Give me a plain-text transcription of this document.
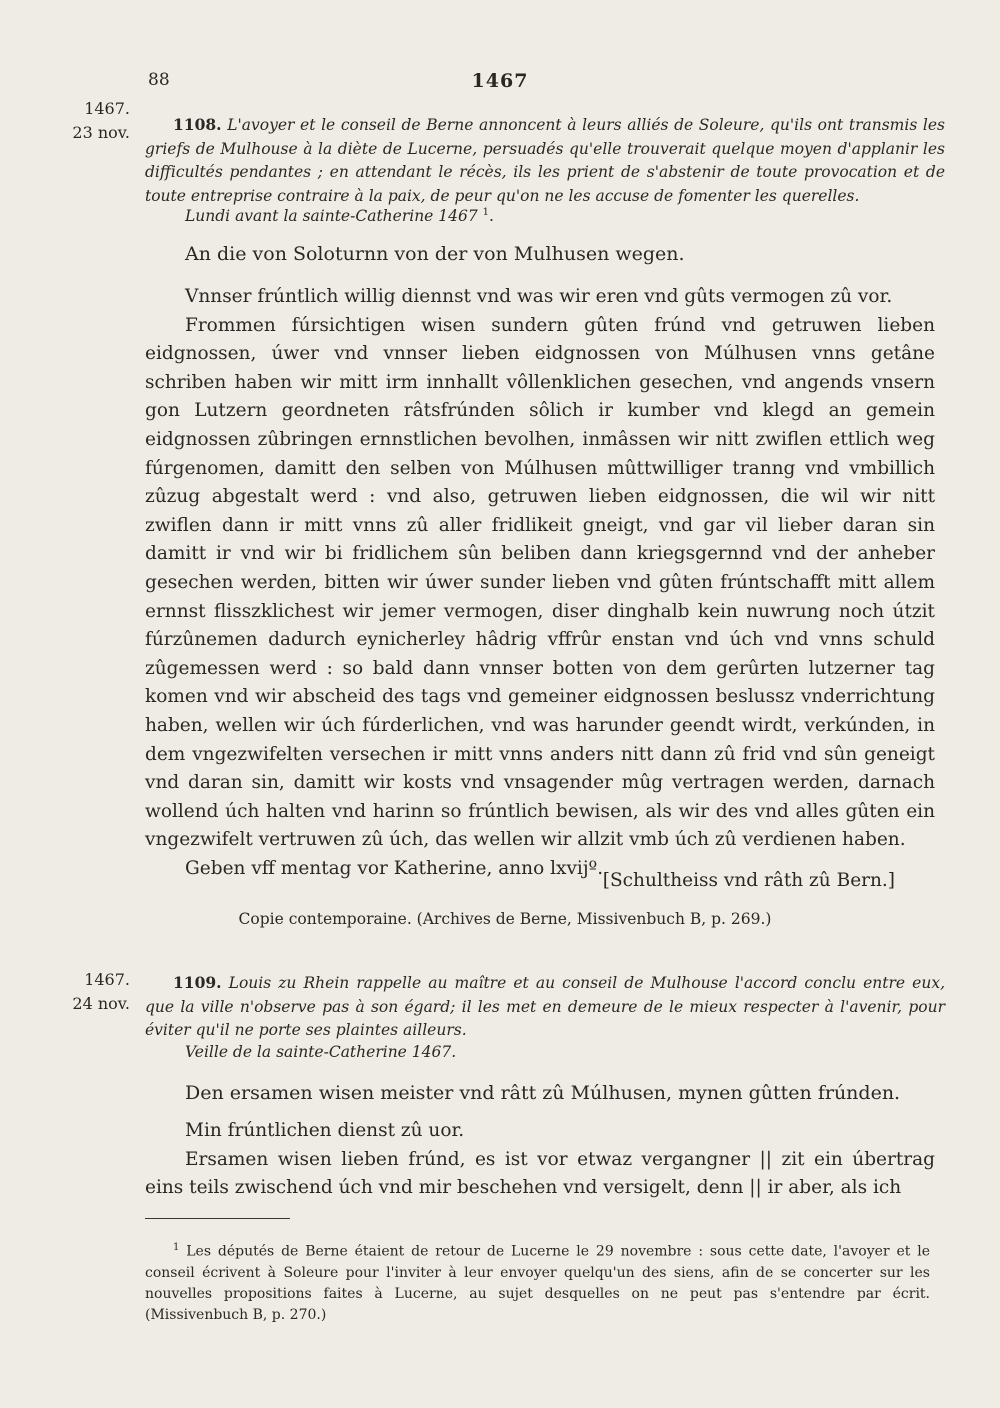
88	1467
1467.
23 nov.	1108. L'avoyer et le conseil de Berne annoncent à leurs alliés de Soleure, qu'ils ont transmis les griefs de Mulhouse à la diète de Lucerne, persuadés qu'elle trouverait quelque moyen d'applanir les difficultés pendantes ; en attendant le récès, ils les prient de s'abstenir de toute provocation et de toute entreprise contraire à la paix, de peur qu'on ne les accuse de fomenter les querelles.
Lundi avant la sainte-Catherine 1467 $^1$.
An die von Soloturnn von der von Mulhusen wegen.

Vnnser frúntlich willig diennst vnd was wir eren vnd gûts vermogen zû vor.

Frommen fúrsichtigen wisen sundern gûten frúnd vnd getruwen lieben eidgnossen, úwer vnd vnnser lieben eidgnossen von Múlhusen vnns getâne schriben haben wir mitt irm innhallt vôllenklichen gesechen, vnd angends vnsern gon Lutzern geordneten râtsfrúnden sôlich ir kumber vnd klegd an gemein eidgnossen zûbringen ernnstlichen bevolhen, inmâssen wir nitt zwiflen ettlich weg fúrgenomen, damitt den selben von Múlhusen mûttwilliger tranng vnd vmbillich zûzug abgestalt werd : vnd also, getruwen lieben eidgnossen, die wil wir nitt zwiflen dann ir mitt vnns zû aller fridlikeit gneigt, vnd gar vil lieber daran sin damitt ir vnd wir bi fridlichem sûn beliben dann kriegsgernnd vnd der anheber gesechen werden, bitten wir úwer sunder lieben vnd gûten frúntschafft mitt allem ernnst flisszklichest wir jemer vermogen, diser dinghalb kein nuwrung noch útzit fúrzûnemen dadurch eynicherley hâdrig vffrûr enstan vnd úch vnd vnns schuld zûgemessen werd : so bald dann vnnser botten von dem gerûrten lutzerner tag komen vnd wir abscheid des tags vnd gemeiner eidgnossen beslussz vnderrichtung haben, wellen wir úch fúrderlichen, vnd was harunder geendt wirdt, verkúnden, in dem vngezwifelten versechen ir mitt vnns anders nitt dann zû frid vnd sûn geneigt vnd daran sin, damitt wir kosts vnd vnsagender mûg vertragen werden, darnach wollend úch halten vnd harinn so frúntlich bewisen, als wir des vnd alles gûten ein vngezwifelt vertruwen zû úch, das wellen wir allzit vmb úch zû verdienen haben.

Geben vff mentag vor Katherine, anno lxvijº.

[Schultheiss vnd râth zû Bern.]
Copie contemporaine. (Archives de Berne, Missivenbuch B, p. 269.)
1467.
24 nov.
1109. Louis zu Rhein rappelle au maître et au conseil de Mulhouse l'accord conclu entre eux, que la ville n'observe pas à son égard; il les met en demeure de le mieux respecter à l'avenir, pour éviter qu'il ne porte ses plaintes ailleurs.
Veille de la sainte-Catherine 1467.
Den ersamen wisen meister vnd râtt zû Múlhusen, mynen gûtten frúnden.

Min frúntlichen dienst zû uor.

Ersamen wisen lieben frúnd, es ist vor etwaz vergangner || zit ein úbertrag eins teils zwischend úch vnd mir beschehen vnd versigelt, denn || ir aber, als ich

$^1$ Les députés de Berne étaient de retour de Lucerne le 29 novembre : sous cette date, l'avoyer et le conseil écrivent à Soleure pour l'inviter à leur envoyer quelqu'un des siens, afin de se concerter sur les nouvelles propositions faites à Lucerne, au sujet desquelles on ne peut pas s'entendre par écrit. (Missivenbuch B, p. 270.)
